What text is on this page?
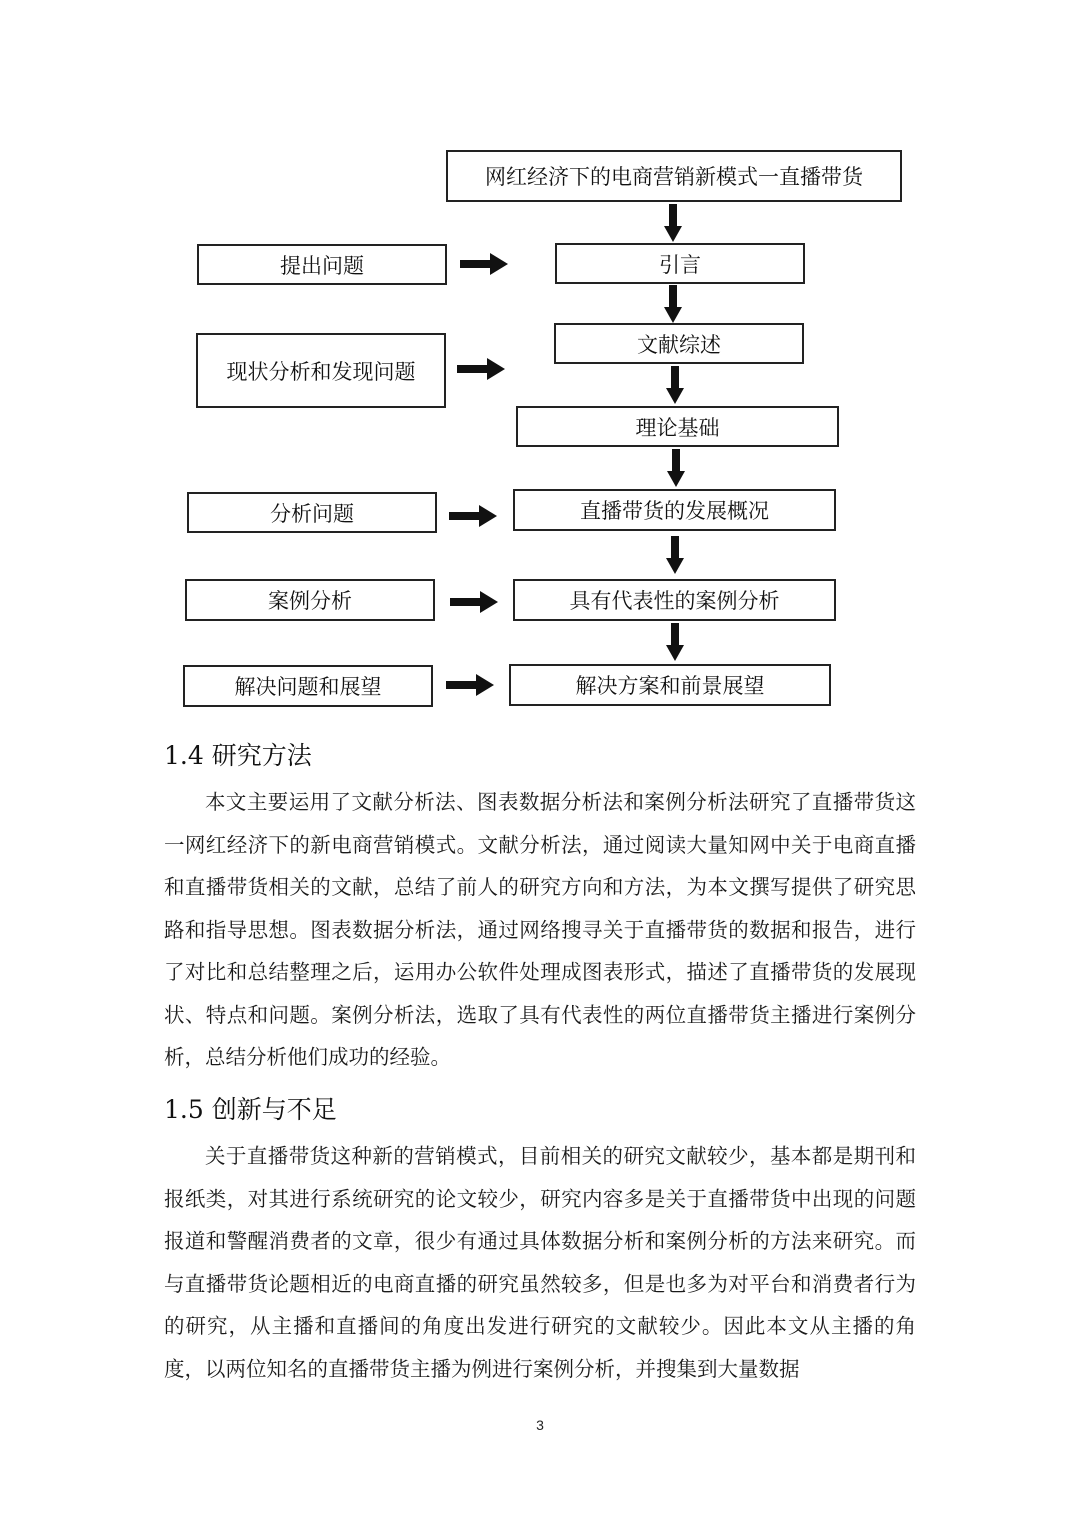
网红经济下的电商营销新模式一直播带货
引言
文献综述
理论基础
直播带货的发展概况
具有代表性的案例分析
解决方案和前景展望
提出问题
现状分析和发现问题
分析问题
案例分析
解决问题和展望
1.4 研究方法

本文主要运用了文献分析法、图表数据分析法和案例分析法研究了直播带货这一网红经济下的新电商营销模式。文献分析法，通过阅读大量知网中关于电商直播和直播带货相关的文献，总结了前人的研究方向和方法，为本文撰写提供了研究思路和指导思想。图表数据分析法，通过网络搜寻关于直播带货的数据和报告，进行了对比和总结整理之后，运用办公软件处理成图表形式，描述了直播带货的发展现状、特点和问题。案例分析法，选取了具有代表性的两位直播带货主播进行案例分析，总结分析他们成功的经验。

1.5 创新与不足

关于直播带货这种新的营销模式，目前相关的研究文献较少，基本都是期刊和报纸类，对其进行系统研究的论文较少，研究内容多是关于直播带货中出现的问题报道和警醒消费者的文章，很少有通过具体数据分析和案例分析的方法来研究。而与直播带货论题相近的电商直播的研究虽然较多，但是也多为对平台和消费者行为的研究，从主播和直播间的角度出发进行研究的文献较少。因此本文从主播的角度，以两位知名的直播带货主播为例进行案例分析，并搜集到大量数据

3
